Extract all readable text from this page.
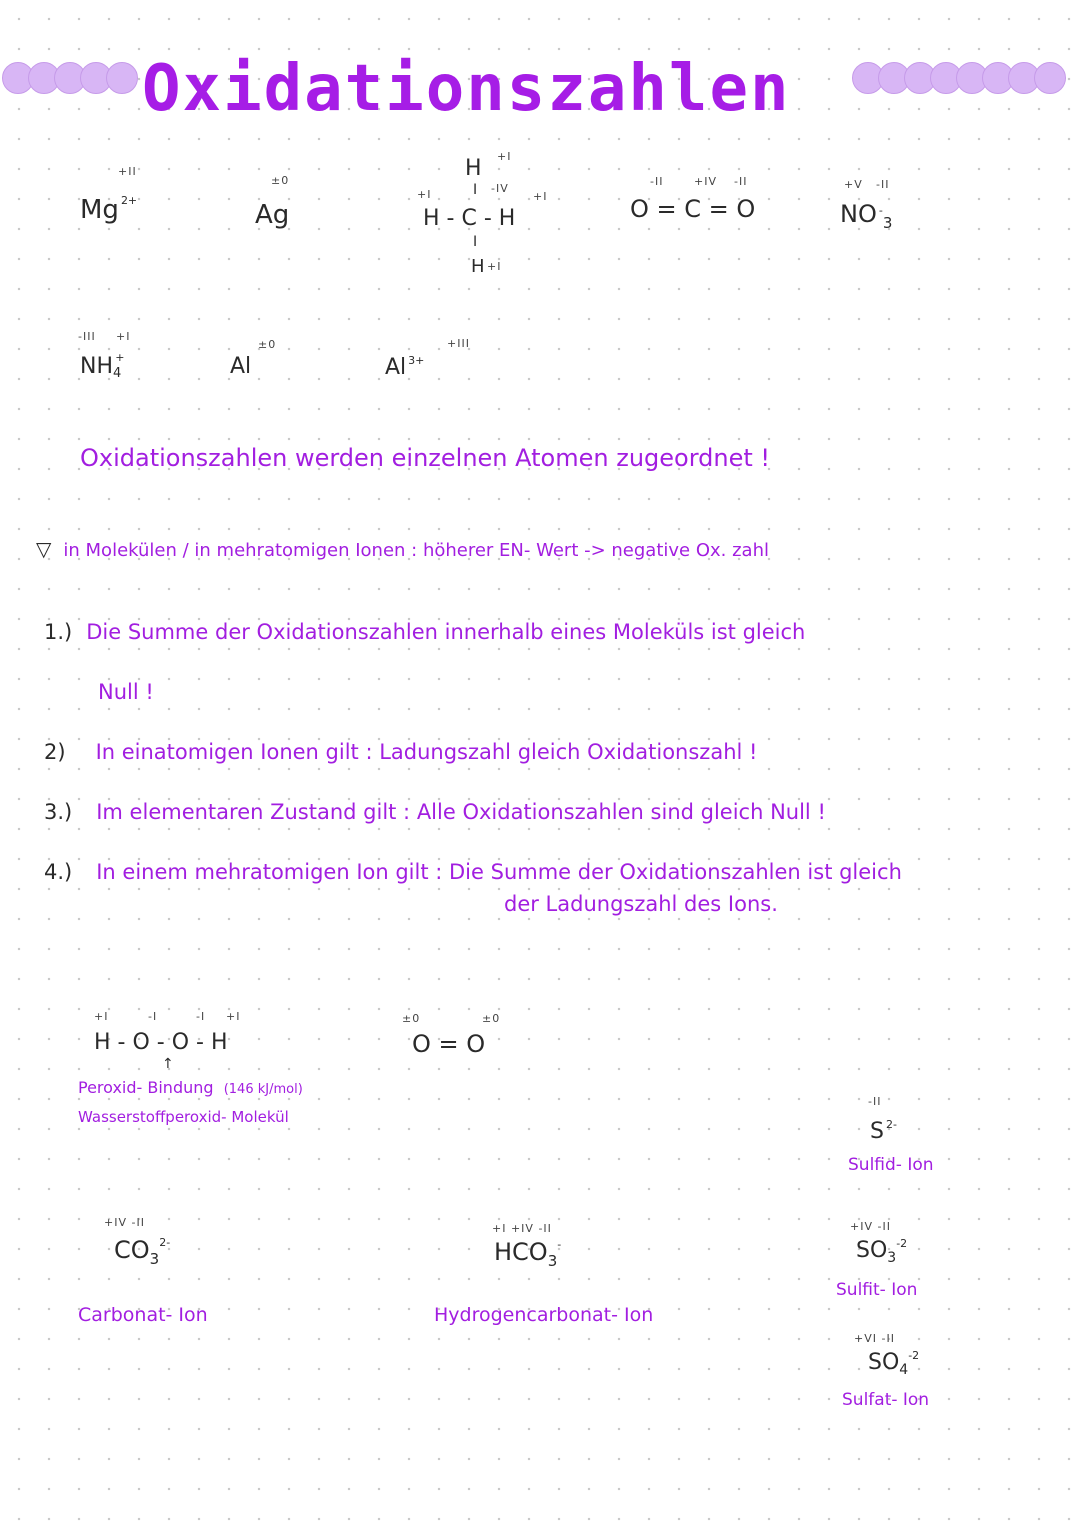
Oxidationszahlen
+II
Mg $^{2+}$
±0
Ag
+I
H
I
+I	-IV
+I
H - C - H
I
H +I
-II	+IV -II
O = C = O
+V -II
NO -$_3$
-III +I
NH4+
±0
Al
+III
Al $^{3+}$
Oxidationszahlen werden einzelnen Atomen zugeordnet !
▽ in Molekülen / in mehratomigen Ionen : höherer EN- Wert -> negative Ox. zahl
1.) Die Summe der Oxidationszahlen innerhalb eines Moleküls ist gleich
Null !
2) In einatomigen Ionen gilt : Ladungszahl gleich Oxidationszahl !
3.) Im elementaren Zustand gilt : Alle Oxidationszahlen sind gleich Null !
4.) In einem mehratomigen Ion gilt : Die Summe der Oxidationszahlen ist gleich
der Ladungszahl des Ions.
+I	-I	-I +I
H - O - O - H
↑
Peroxid- Bindung (146 kJ/mol)
Wasserstoffperoxid- Molekül
±0	±0
O = O
-II
S $^{2-}$
Sulfid- Ion
+IV -II
$CO_3^{2-}$
Carbonat- Ion
+I +IV -II
$HCO_3^-$
Hydrogencarbonat- Ion
+IV -II
$SO_3^{-2}$
Sulfit- Ion
+VI -II
$SO_4^{-2}$
Sulfat- Ion
